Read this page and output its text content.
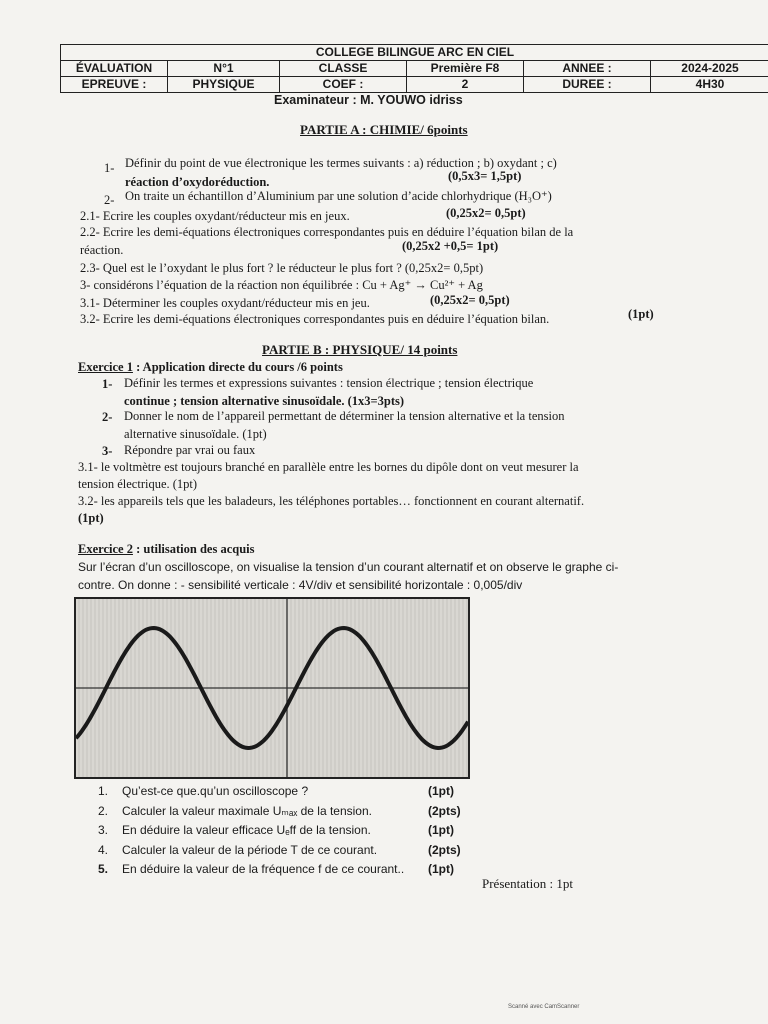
COLLEGE BILINGUE ARC EN CIEL					
ÉVALUATION	N°1	CLASSE	Première F8	ANNEE :	2024-2025
EPREUVE :	PHYSIQUE	COEF :	2	DUREE :	4H30
Examinateur : M. YOUWO idriss
PARTIE A : CHIMIE/ 6points
1- Définir du point de vue électronique les termes suivants : a) réduction ; b) oxydant ; c)
réaction d’oxydoréduction.	(0,5x3= 1,5pt)
2- On traite un échantillon d’Aluminium par une solution d’acide chlorhydrique (H₃O⁺)
2.1- Ecrire les couples oxydant/réducteur mis en jeux.	(0,25x2= 0,5pt)
2.2- Ecrire les demi-équations électroniques correspondantes puis en déduire l’équation bilan de la
réaction.	(0,25x2 +0,5= 1pt)
2.3- Quel est le l’oxydant le plus fort ? le réducteur le plus fort ? (0,25x2= 0,5pt)
3- considérons l’équation de la réaction non équilibrée : Cu + Ag⁺ → Cu²⁺ + Ag
3.1- Déterminer les couples oxydant/réducteur mis en jeu.	(0,25x2= 0,5pt)
3.2- Ecrire les demi-équations électroniques correspondantes puis en déduire l’équation bilan.	(1pt)
PARTIE B : PHYSIQUE/ 14 points
Exercice 1 : Application directe du cours /6 points
1- Définir les termes et expressions suivantes : tension électrique ; tension électrique
continue ; tension alternative sinusoïdale. (1x3=3pts)
2- Donner le nom de l’appareil permettant de déterminer la tension alternative et la tension
alternative sinusoïdale. (1pt)
3- Répondre par vrai ou faux
3.1- le voltmètre est toujours branché en parallèle entre les bornes du dipôle dont on veut mesurer la
tension électrique. (1pt)
3.2- les appareils tels que les baladeurs, les téléphones portables… fonctionnent en courant alternatif.
(1pt)
Exercice 2 : utilisation des acquis
Sur l’écran d’un oscilloscope, on visualise la tension d’un courant alternatif et on observe le graphe ci-
contre. On donne : - sensibilité verticale : 4V/div et sensibilité horizontale : 0,005/div
1. Qu’est-ce que.qu’un oscilloscope ?	(1pt)
2. Calculer la valeur maximale Uₘₐₓ de la tension.	(2pts)
3. En déduire la valeur efficace Uₑff de la tension.	(1pt)
4. Calculer la valeur de la période T de ce courant.	(2pts)
5. En déduire la valeur de la fréquence f de ce courant.. (1pt)
Présentation : 1pt
Scanné avec CamScanner
